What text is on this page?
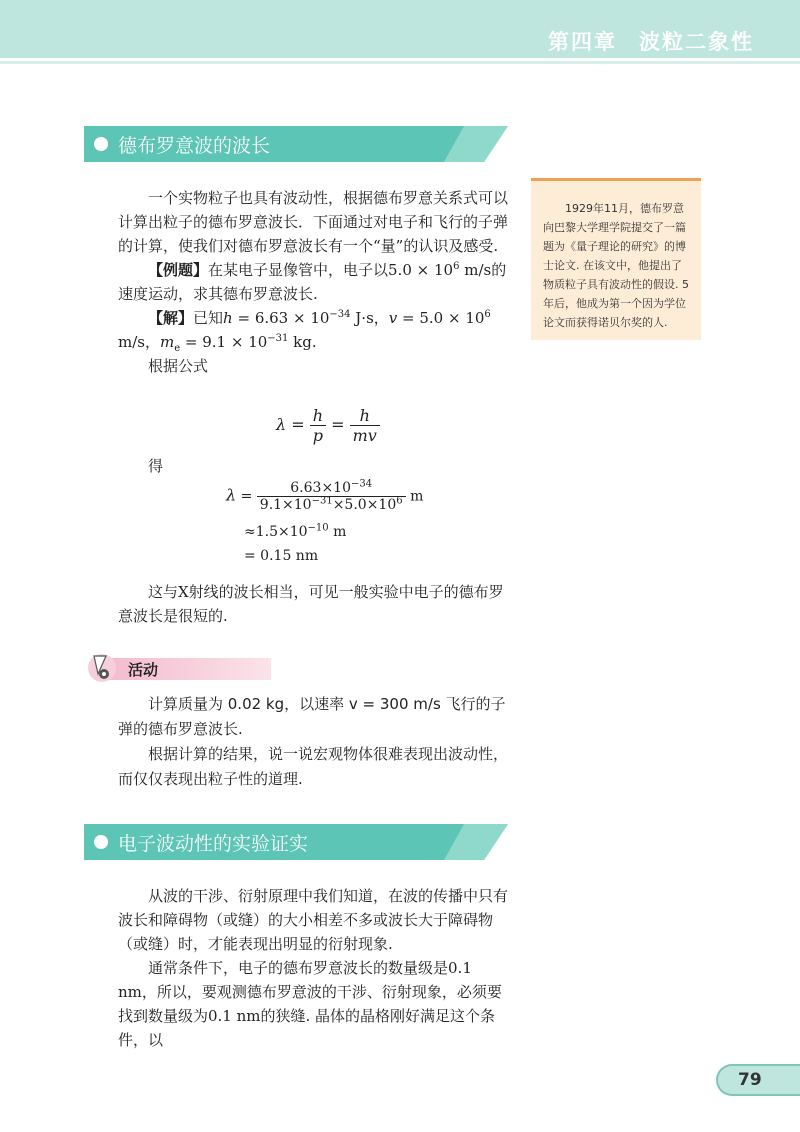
第四章 波粒二象性
德布罗意波的波长

一个实物粒子也具有波动性，根据德布罗意关系式可以计算出粒子的德布罗意波长．下面通过对电子和飞行的子弹的计算，使我们对德布罗意波长有一个“量”的认识及感受.

【例题】在某电子显像管中，电子以$5.0 \times 10^6$ m/s的速度运动，求其德布罗意波长.

【解】已知$h = 6.63 \times 10^{-34}$ J·s，$v = 5.0 \times 10^6$ m/s，$m_e = 9.1 \times 10^{-31}$ kg.

根据公式

$\lambda = \frac{h}{p} = \frac{h}{mv}$
得
$\lambda = \frac{6.63\times 10^{-34}}{9.1\times 10^{-31}\times 5.0\times 10^6}$ m
$\approx 1.5\times 10^{-10}$ m
= 0.15 nm

这与X射线的波长相当，可见一般实验中电子的德布罗意波长是很短的.

1929年11月，德布罗意向巴黎大学理学院提交了一篇题为《量子理论的研究》的博士论文. 在该文中，他提出了物质粒子具有波动性的假设. 5年后，他成为第一个因为学位论文而获得诺贝尔奖的人.
活动
计算质量为 0.02 kg，以速率 v = 300 m/s 飞行的子弹的德布罗意波长.
根据计算的结果，说一说宏观物体很难表现出波动性，而仅仅表现出粒子性的道理.
电子波动性的实验证实

从波的干涉、衍射原理中我们知道，在波的传播中只有波长和障碍物（或缝）的大小相差不多或波长大于障碍物（或缝）时，才能表现出明显的衍射现象.

通常条件下，电子的德布罗意波长的数量级是0.1 nm，所以，要观测德布罗意波的干涉、衍射现象，必须要找到数量级为0.1 nm的狭缝. 晶体的晶格刚好满足这个条件，以

79
